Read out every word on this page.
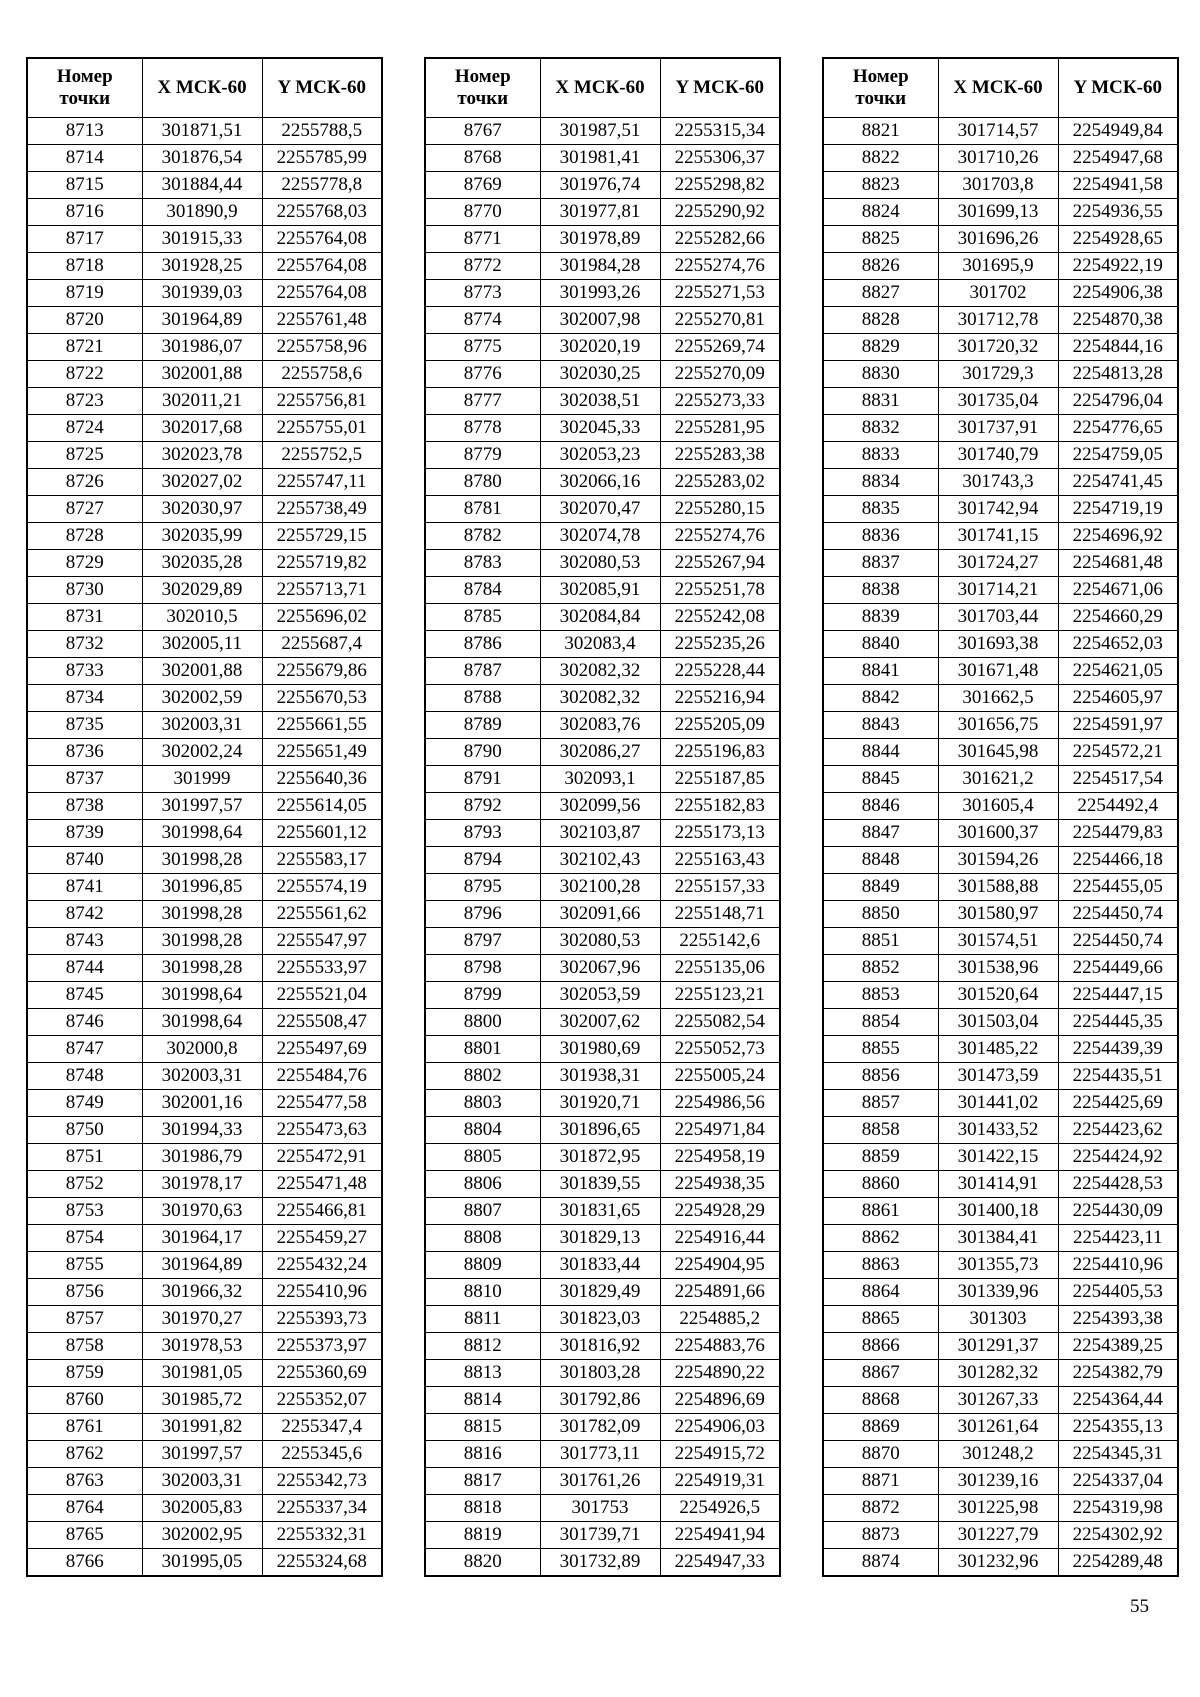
Номер
точки	X МСК-60	Y МСК-60
8713	301871,51	2255788,5
8714	301876,54	2255785,99
8715	301884,44	2255778,8
8716	301890,9	2255768,03
8717	301915,33	2255764,08
8718	301928,25	2255764,08
8719	301939,03	2255764,08
8720	301964,89	2255761,48
8721	301986,07	2255758,96
8722	302001,88	2255758,6
8723	302011,21	2255756,81
8724	302017,68	2255755,01
8725	302023,78	2255752,5
8726	302027,02	2255747,11
8727	302030,97	2255738,49
8728	302035,99	2255729,15
8729	302035,28	2255719,82
8730	302029,89	2255713,71
8731	302010,5	2255696,02
8732	302005,11	2255687,4
8733	302001,88	2255679,86
8734	302002,59	2255670,53
8735	302003,31	2255661,55
8736	302002,24	2255651,49
8737	301999	2255640,36
8738	301997,57	2255614,05
8739	301998,64	2255601,12
8740	301998,28	2255583,17
8741	301996,85	2255574,19
8742	301998,28	2255561,62
8743	301998,28	2255547,97
8744	301998,28	2255533,97
8745	301998,64	2255521,04
8746	301998,64	2255508,47
8747	302000,8	2255497,69
8748	302003,31	2255484,76
8749	302001,16	2255477,58
8750	301994,33	2255473,63
8751	301986,79	2255472,91
8752	301978,17	2255471,48
8753	301970,63	2255466,81
8754	301964,17	2255459,27
8755	301964,89	2255432,24
8756	301966,32	2255410,96
8757	301970,27	2255393,73
8758	301978,53	2255373,97
8759	301981,05	2255360,69
8760	301985,72	2255352,07
8761	301991,82	2255347,4
8762	301997,57	2255345,6
8763	302003,31	2255342,73
8764	302005,83	2255337,34
8765	302002,95	2255332,31
8766	301995,05	2255324,68
Номер
точки	X МСК-60	Y МСК-60
8767	301987,51	2255315,34
8768	301981,41	2255306,37
8769	301976,74	2255298,82
8770	301977,81	2255290,92
8771	301978,89	2255282,66
8772	301984,28	2255274,76
8773	301993,26	2255271,53
8774	302007,98	2255270,81
8775	302020,19	2255269,74
8776	302030,25	2255270,09
8777	302038,51	2255273,33
8778	302045,33	2255281,95
8779	302053,23	2255283,38
8780	302066,16	2255283,02
8781	302070,47	2255280,15
8782	302074,78	2255274,76
8783	302080,53	2255267,94
8784	302085,91	2255251,78
8785	302084,84	2255242,08
8786	302083,4	2255235,26
8787	302082,32	2255228,44
8788	302082,32	2255216,94
8789	302083,76	2255205,09
8790	302086,27	2255196,83
8791	302093,1	2255187,85
8792	302099,56	2255182,83
8793	302103,87	2255173,13
8794	302102,43	2255163,43
8795	302100,28	2255157,33
8796	302091,66	2255148,71
8797	302080,53	2255142,6
8798	302067,96	2255135,06
8799	302053,59	2255123,21
8800	302007,62	2255082,54
8801	301980,69	2255052,73
8802	301938,31	2255005,24
8803	301920,71	2254986,56
8804	301896,65	2254971,84
8805	301872,95	2254958,19
8806	301839,55	2254938,35
8807	301831,65	2254928,29
8808	301829,13	2254916,44
8809	301833,44	2254904,95
8810	301829,49	2254891,66
8811	301823,03	2254885,2
8812	301816,92	2254883,76
8813	301803,28	2254890,22
8814	301792,86	2254896,69
8815	301782,09	2254906,03
8816	301773,11	2254915,72
8817	301761,26	2254919,31
8818	301753	2254926,5
8819	301739,71	2254941,94
8820	301732,89	2254947,33
Номер
точки	X МСК-60	Y МСК-60
8821	301714,57	2254949,84
8822	301710,26	2254947,68
8823	301703,8	2254941,58
8824	301699,13	2254936,55
8825	301696,26	2254928,65
8826	301695,9	2254922,19
8827	301702	2254906,38
8828	301712,78	2254870,38
8829	301720,32	2254844,16
8830	301729,3	2254813,28
8831	301735,04	2254796,04
8832	301737,91	2254776,65
8833	301740,79	2254759,05
8834	301743,3	2254741,45
8835	301742,94	2254719,19
8836	301741,15	2254696,92
8837	301724,27	2254681,48
8838	301714,21	2254671,06
8839	301703,44	2254660,29
8840	301693,38	2254652,03
8841	301671,48	2254621,05
8842	301662,5	2254605,97
8843	301656,75	2254591,97
8844	301645,98	2254572,21
8845	301621,2	2254517,54
8846	301605,4	2254492,4
8847	301600,37	2254479,83
8848	301594,26	2254466,18
8849	301588,88	2254455,05
8850	301580,97	2254450,74
8851	301574,51	2254450,74
8852	301538,96	2254449,66
8853	301520,64	2254447,15
8854	301503,04	2254445,35
8855	301485,22	2254439,39
8856	301473,59	2254435,51
8857	301441,02	2254425,69
8858	301433,52	2254423,62
8859	301422,15	2254424,92
8860	301414,91	2254428,53
8861	301400,18	2254430,09
8862	301384,41	2254423,11
8863	301355,73	2254410,96
8864	301339,96	2254405,53
8865	301303	2254393,38
8866	301291,37	2254389,25
8867	301282,32	2254382,79
8868	301267,33	2254364,44
8869	301261,64	2254355,13
8870	301248,2	2254345,31
8871	301239,16	2254337,04
8872	301225,98	2254319,98
8873	301227,79	2254302,92
8874	301232,96	2254289,48
55
